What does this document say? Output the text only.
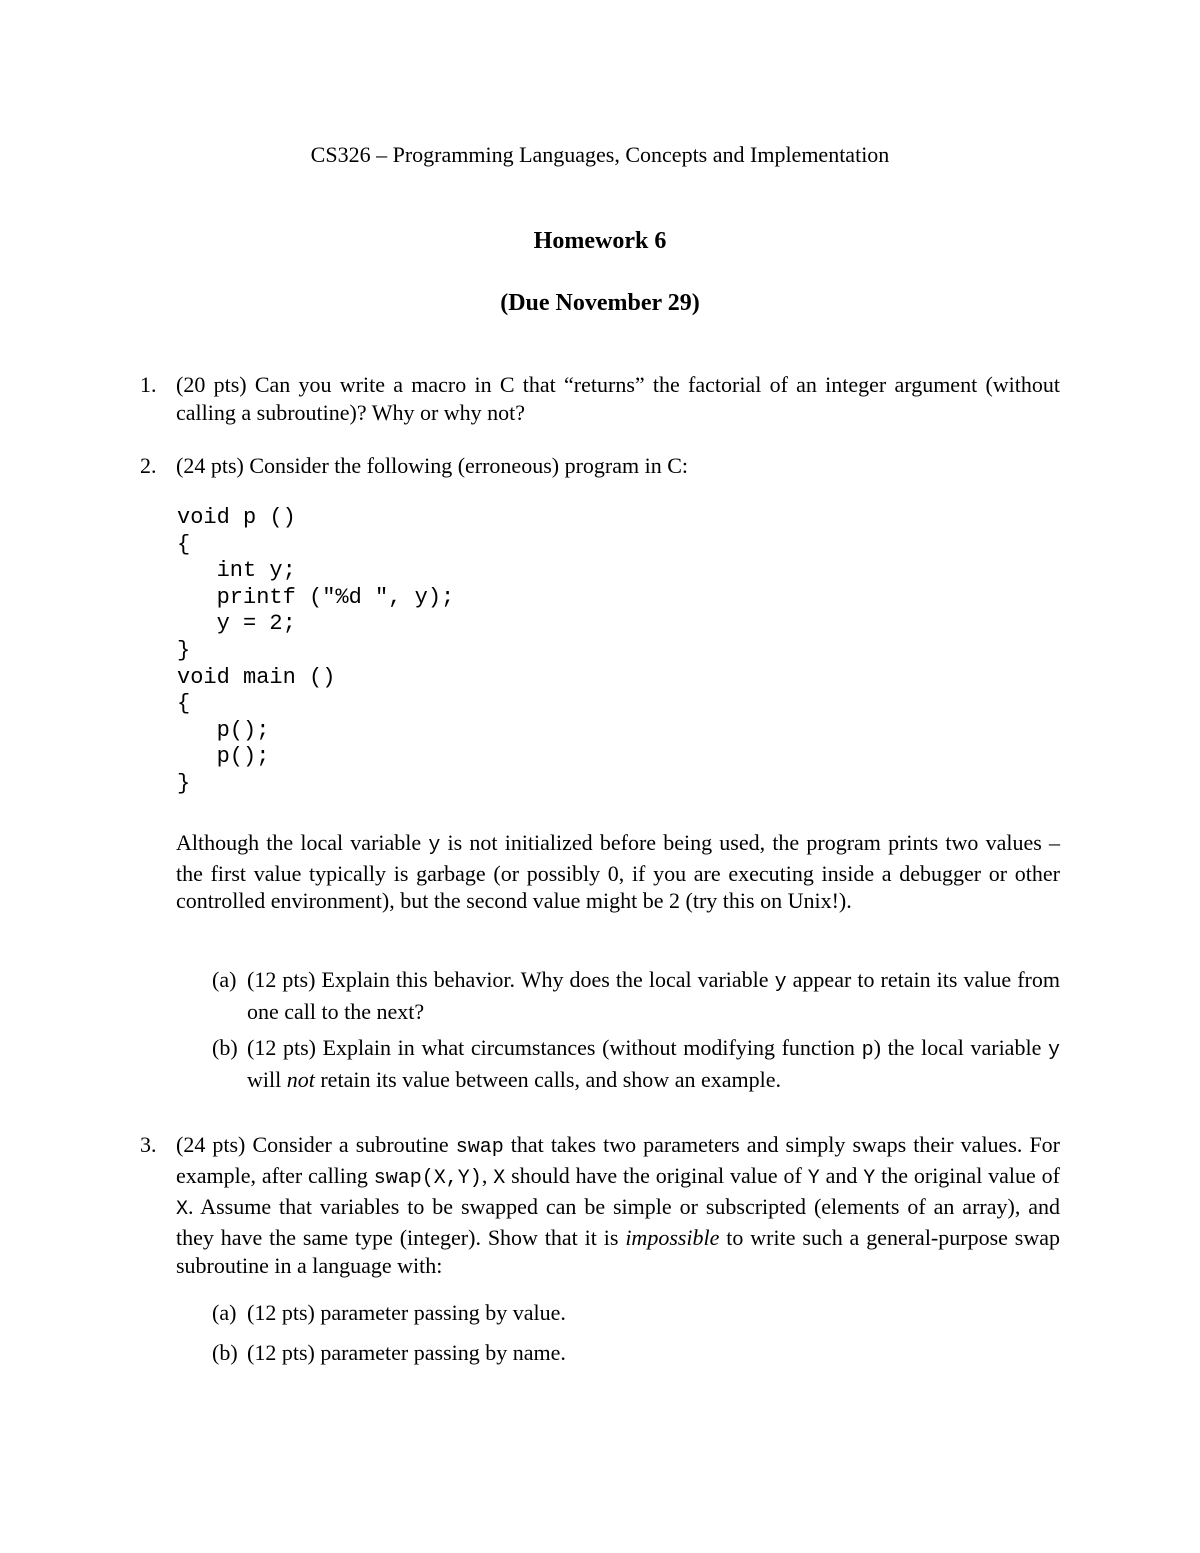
CS326 – Programming Languages, Concepts and Implementation
Homework 6
(Due November 29)
1. (20 pts) Can you write a macro in C that “returns” the factorial of an integer argument (without calling a subroutine)? Why or why not?
2. (24 pts) Consider the following (erroneous) program in C:
void p ()
{
int y;
printf ("%d ", y);
y = 2;
}
void main ()
{
p();
p();
}
Although the local variable y is not initialized before being used, the program prints two values – the first value typically is garbage (or possibly 0, if you are executing inside a debugger or other controlled environment), but the second value might be 2 (try this on Unix!).
(a) (12 pts) Explain this behavior. Why does the local variable y appear to retain its value from one call to the next?
(b) (12 pts) Explain in what circumstances (without modifying function p) the local variable y will not retain its value between calls, and show an example.
3. (24 pts) Consider a subroutine swap that takes two parameters and simply swaps their values. For example, after calling swap(X,Y), X should have the original value of Y and Y the original value of X. Assume that variables to be swapped can be simple or subscripted (elements of an array), and they have the same type (integer). Show that it is impossible to write such a general-purpose swap subroutine in a language with:
(a) (12 pts) parameter passing by value.
(b) (12 pts) parameter passing by name.
